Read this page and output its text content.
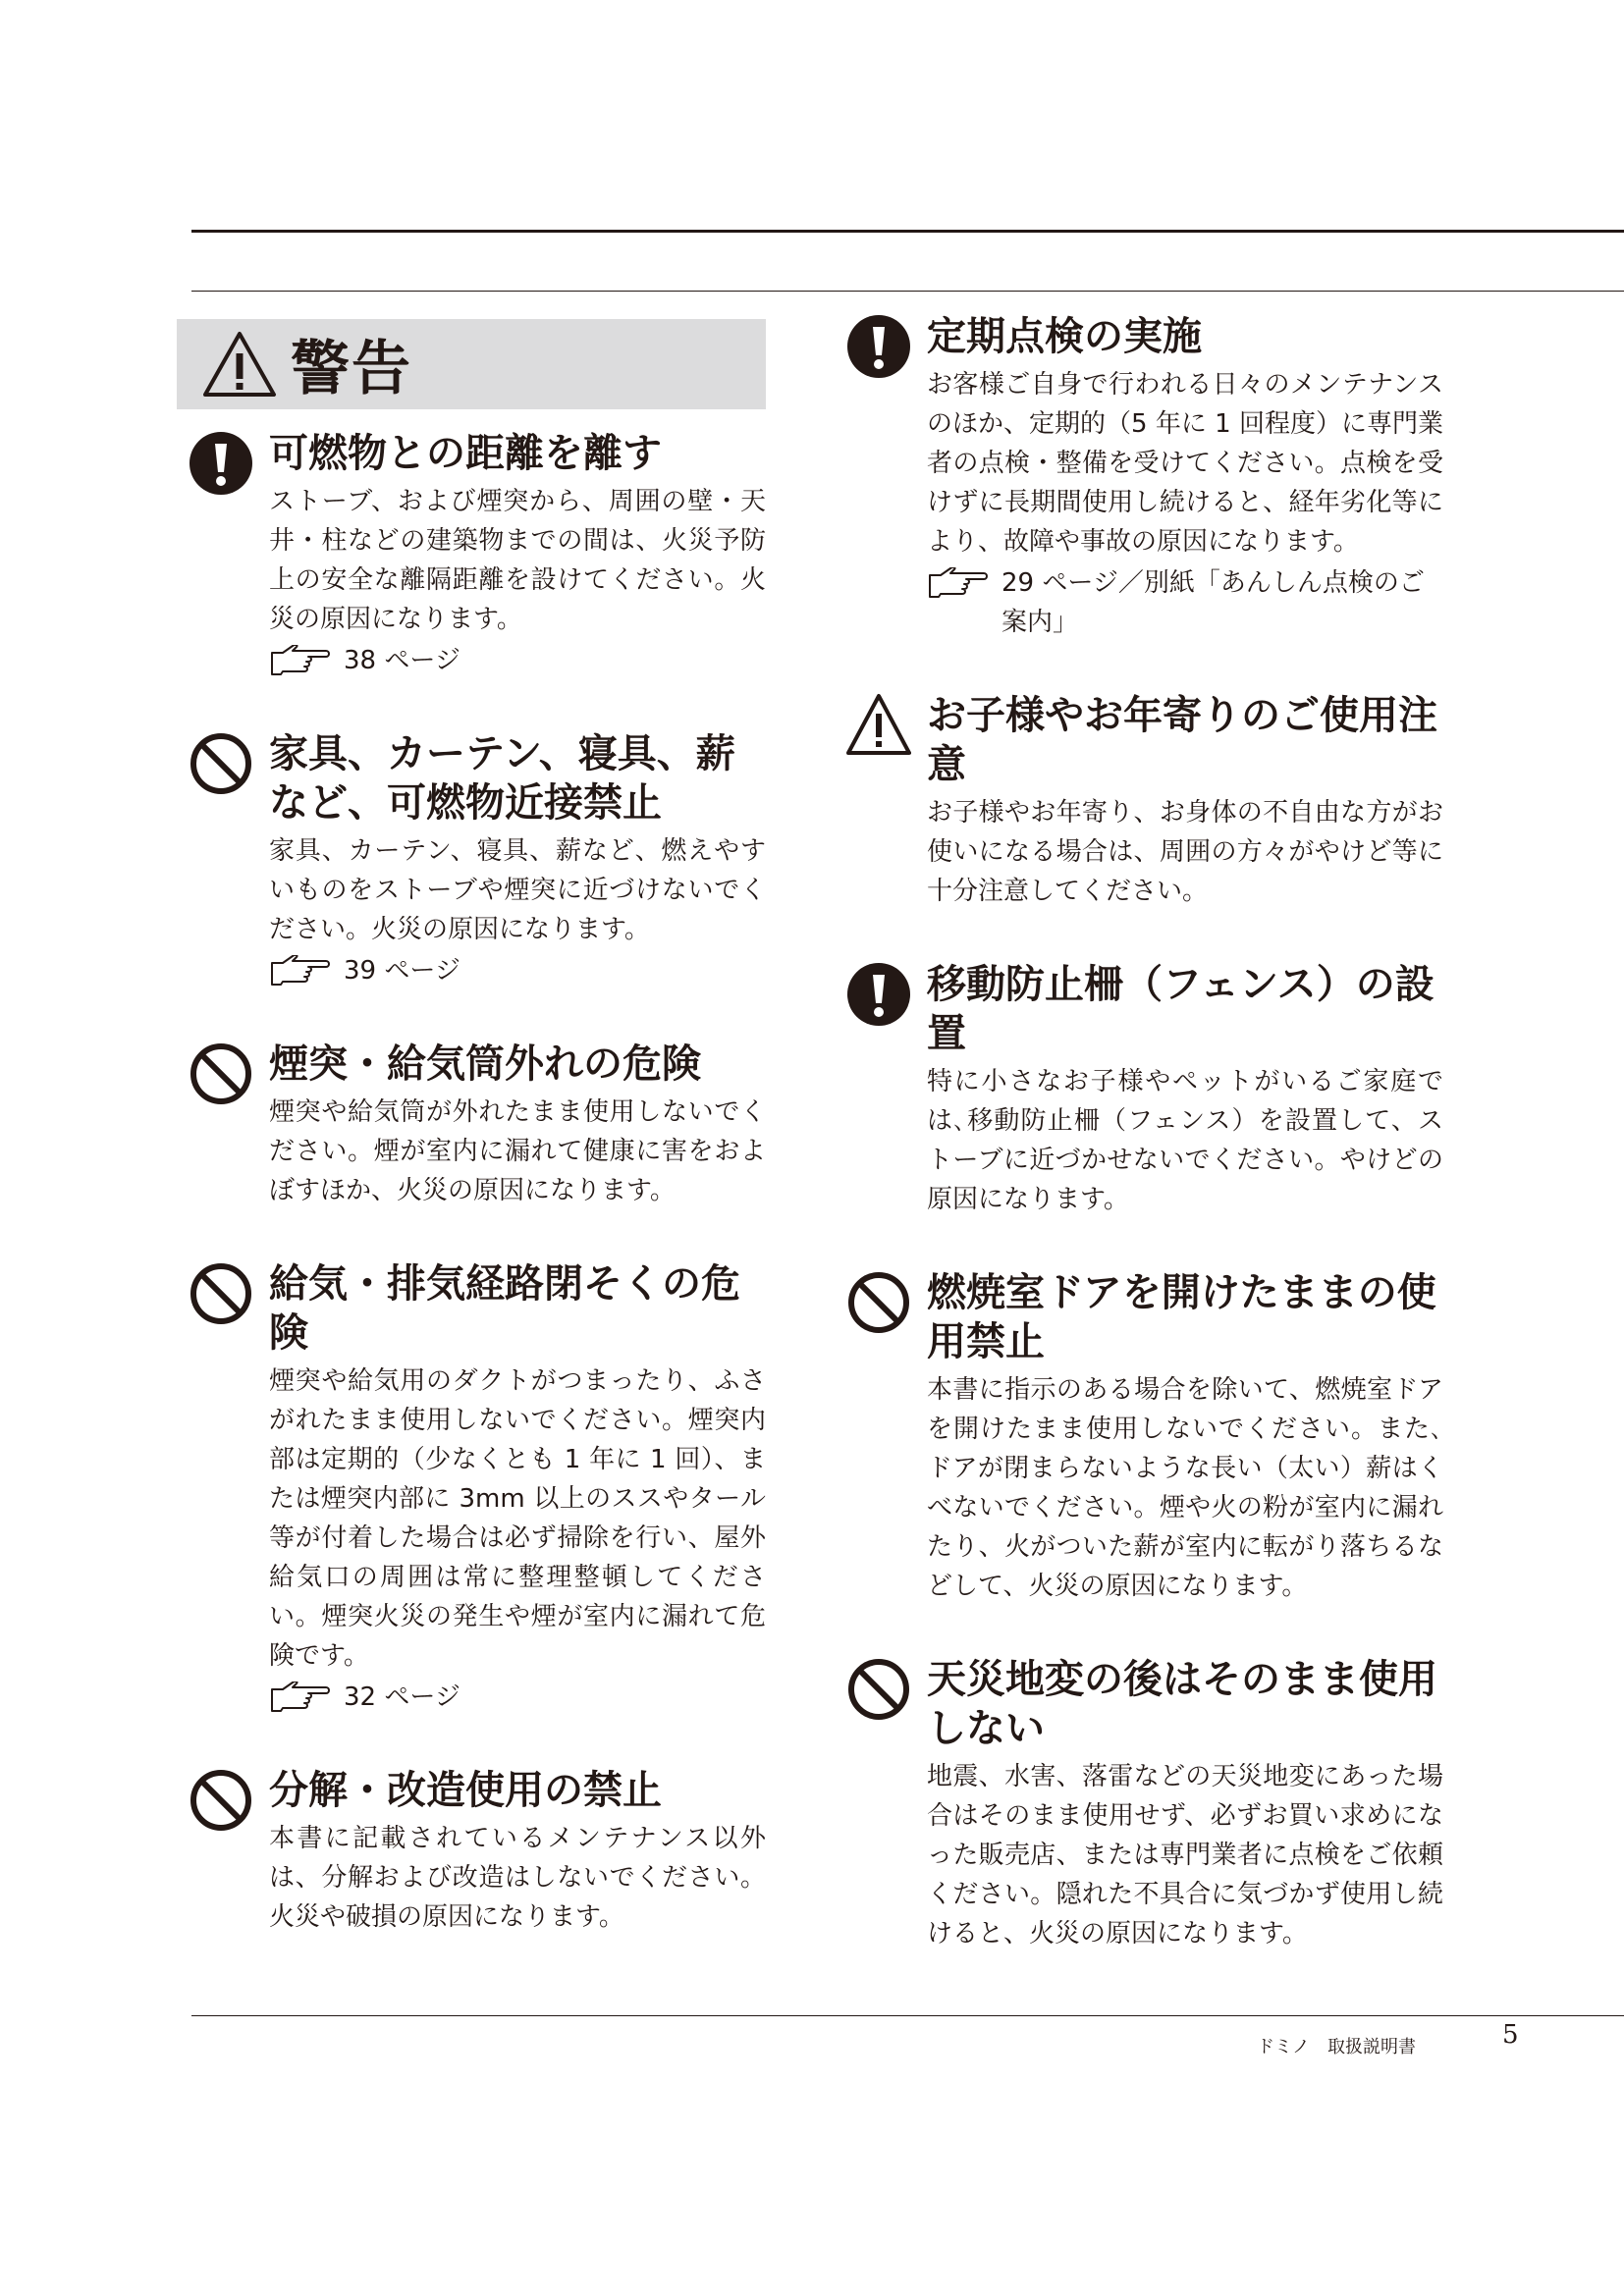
警告
可燃物との距離を離す

ストーブ、および煙突から、周囲の壁・天井・柱などの建築物までの間は、火災予防上の安全な離隔距離を設けてください。火災の原因になります。

38 ページ
家具、カーテン、寝具、薪など、可燃物近接禁止

家具、カーテン、寝具、薪など、燃えやすいものをストーブや煙突に近づけないでください。火災の原因になります。

39 ページ
煙突・給気筒外れの危険

煙突や給気筒が外れたまま使用しないでください。煙が室内に漏れて健康に害をおよぼすほか、火災の原因になります。

給気・排気経路閉そくの危険

煙突や給気用のダクトがつまったり、ふさがれたまま使用しないでください。煙突内部は定期的（少なくとも 1 年に 1 回）、または煙突内部に 3mm 以上のススやタール等が付着した場合は必ず掃除を行い、屋外給気口の周囲は常に整理整頓してください。煙突火災の発生や煙が室内に漏れて危険です。

32 ページ
分解・改造使用の禁止

本書に記載されているメンテナンス以外は、分解および改造はしないでください。火災や破損の原因になります。

定期点検の実施

お客様ご自身で行われる日々のメンテナンスのほか、定期的（5 年に 1 回程度）に専門業者の点検・整備を受けてください。点検を受けずに長期間使用し続けると、経年劣化等により、故障や事故の原因になります。

29 ページ／別紙「あんしん点検のご案内」
お子様やお年寄りのご使用注意

お子様やお年寄り、お身体の不自由な方がお使いになる場合は、周囲の方々がやけど等に十分注意してください。

移動防止柵（フェンス）の設置

特に小さなお子様やペットがいるご家庭では､移動防止柵（フェンス）を設置して、ストーブに近づかせないでください。やけどの原因になります。

燃焼室ドアを開けたままの使用禁止

本書に指示のある場合を除いて、燃焼室ドアを開けたまま使用しないでください。また､ドアが閉まらないような長い（太い）薪はくべないでください。煙や火の粉が室内に漏れたり、火がついた薪が室内に転がり落ちるなどして、火災の原因になります。

天災地変の後はそのまま使用しない

地震、水害、落雷などの天災地変にあった場合はそのまま使用せず、必ずお買い求めになった販売店、または専門業者に点検をご依頼ください。隠れた不具合に気づかず使用し続けると、火災の原因になります。

ドミノ　取扱説明書	5
